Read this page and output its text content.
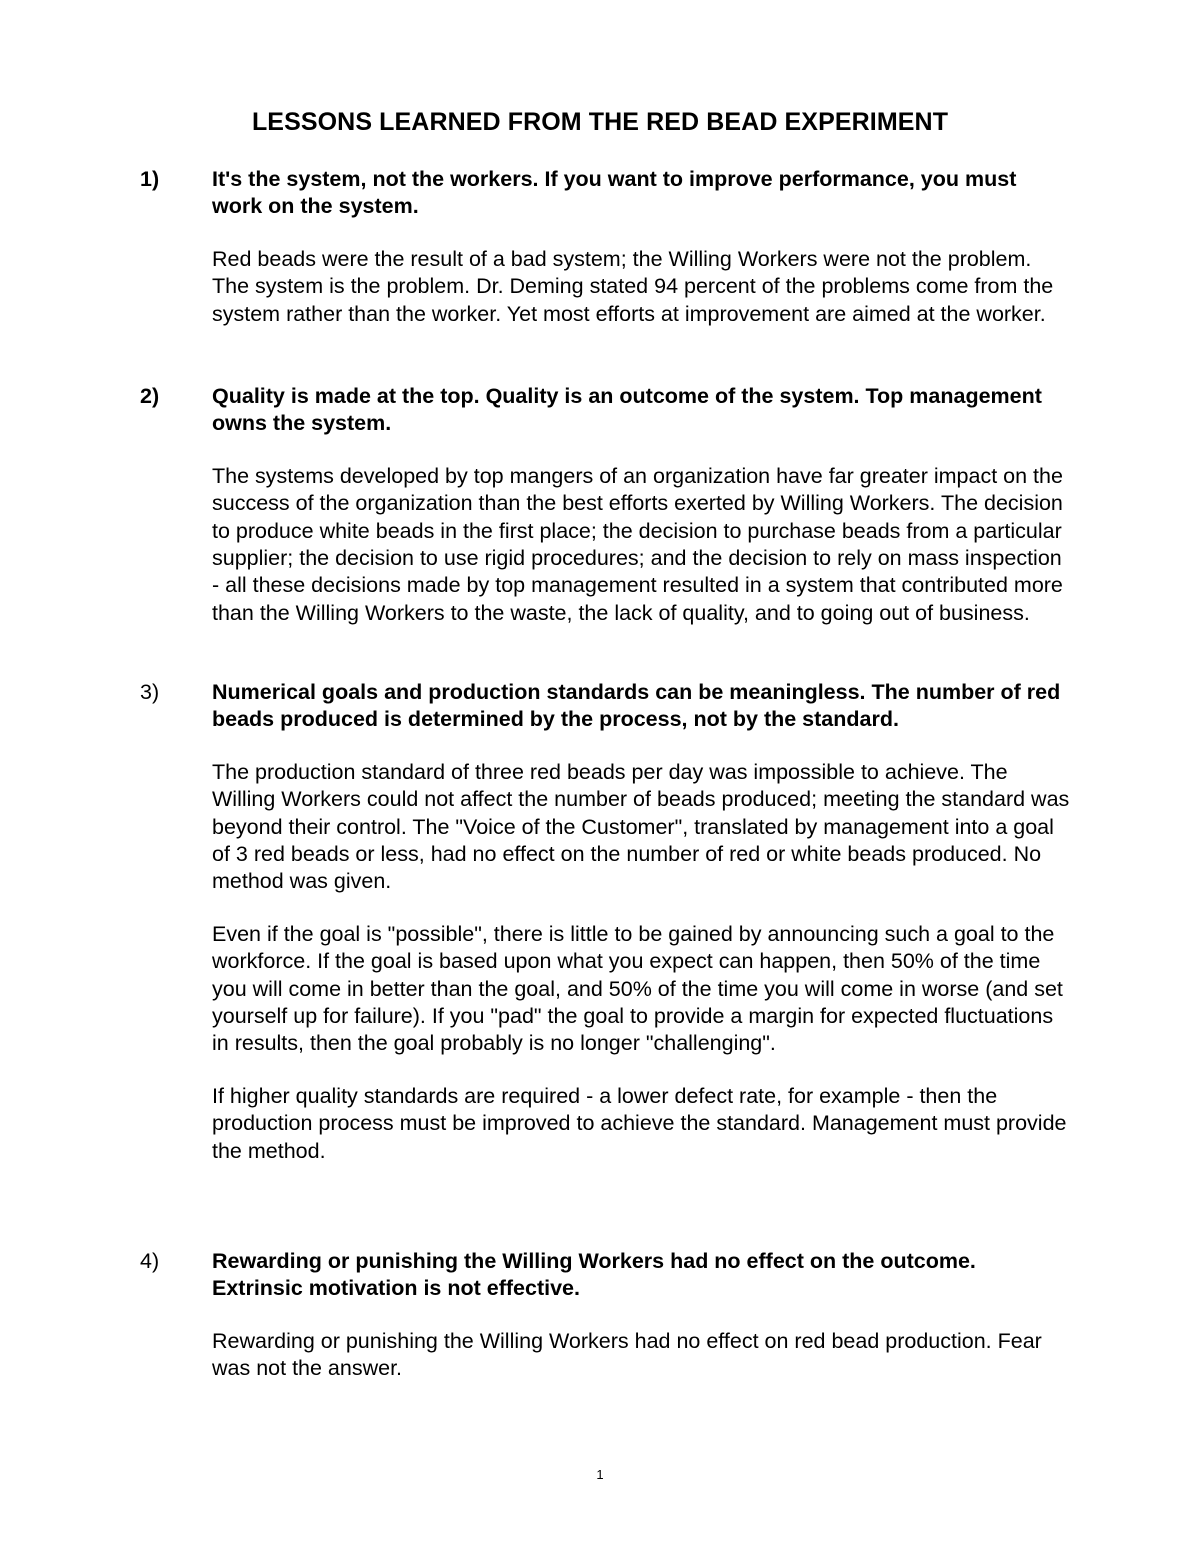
LESSONS LEARNED FROM THE RED BEAD EXPERIMENT
1) It's the system, not the workers. If you want to improve performance, you must work on the system.

Red beads were the result of a bad system; the Willing Workers were not the problem. The system is the problem. Dr. Deming stated 94 percent of the problems come from the system rather than the worker. Yet most efforts at improvement are aimed at the worker.

2) Quality is made at the top. Quality is an outcome of the system. Top management owns the system.

The systems developed by top mangers of an organization have far greater impact on the success of the organization than the best efforts exerted by Willing Workers. The decision to produce white beads in the first place; the decision to purchase beads from a particular supplier; the decision to use rigid procedures; and the decision to rely on mass inspection - all these decisions made by top management resulted in a system that contributed more than the Willing Workers to the waste, the lack of quality, and to going out of business.

3) Numerical goals and production standards can be meaningless. The number of red beads produced is determined by the process, not by the standard.

The production standard of three red beads per day was impossible to achieve. The Willing Workers could not affect the number of beads produced; meeting the standard was beyond their control. The "Voice of the Customer", translated by management into a goal of 3 red beads or less, had no effect on the number of red or white beads produced. No method was given.

Even if the goal is "possible", there is little to be gained by announcing such a goal to the workforce. If the goal is based upon what you expect can happen, then 50% of the time you will come in better than the goal, and 50% of the time you will come in worse (and set yourself up for failure). If you "pad" the goal to provide a margin for expected fluctuations in results, then the goal probably is no longer "challenging".

If higher quality standards are required - a lower defect rate, for example - then the production process must be improved to achieve the standard. Management must provide the method.

4) Rewarding or punishing the Willing Workers had no effect on the outcome. Extrinsic motivation is not effective.

Rewarding or punishing the Willing Workers had no effect on red bead production. Fear was not the answer.

1
